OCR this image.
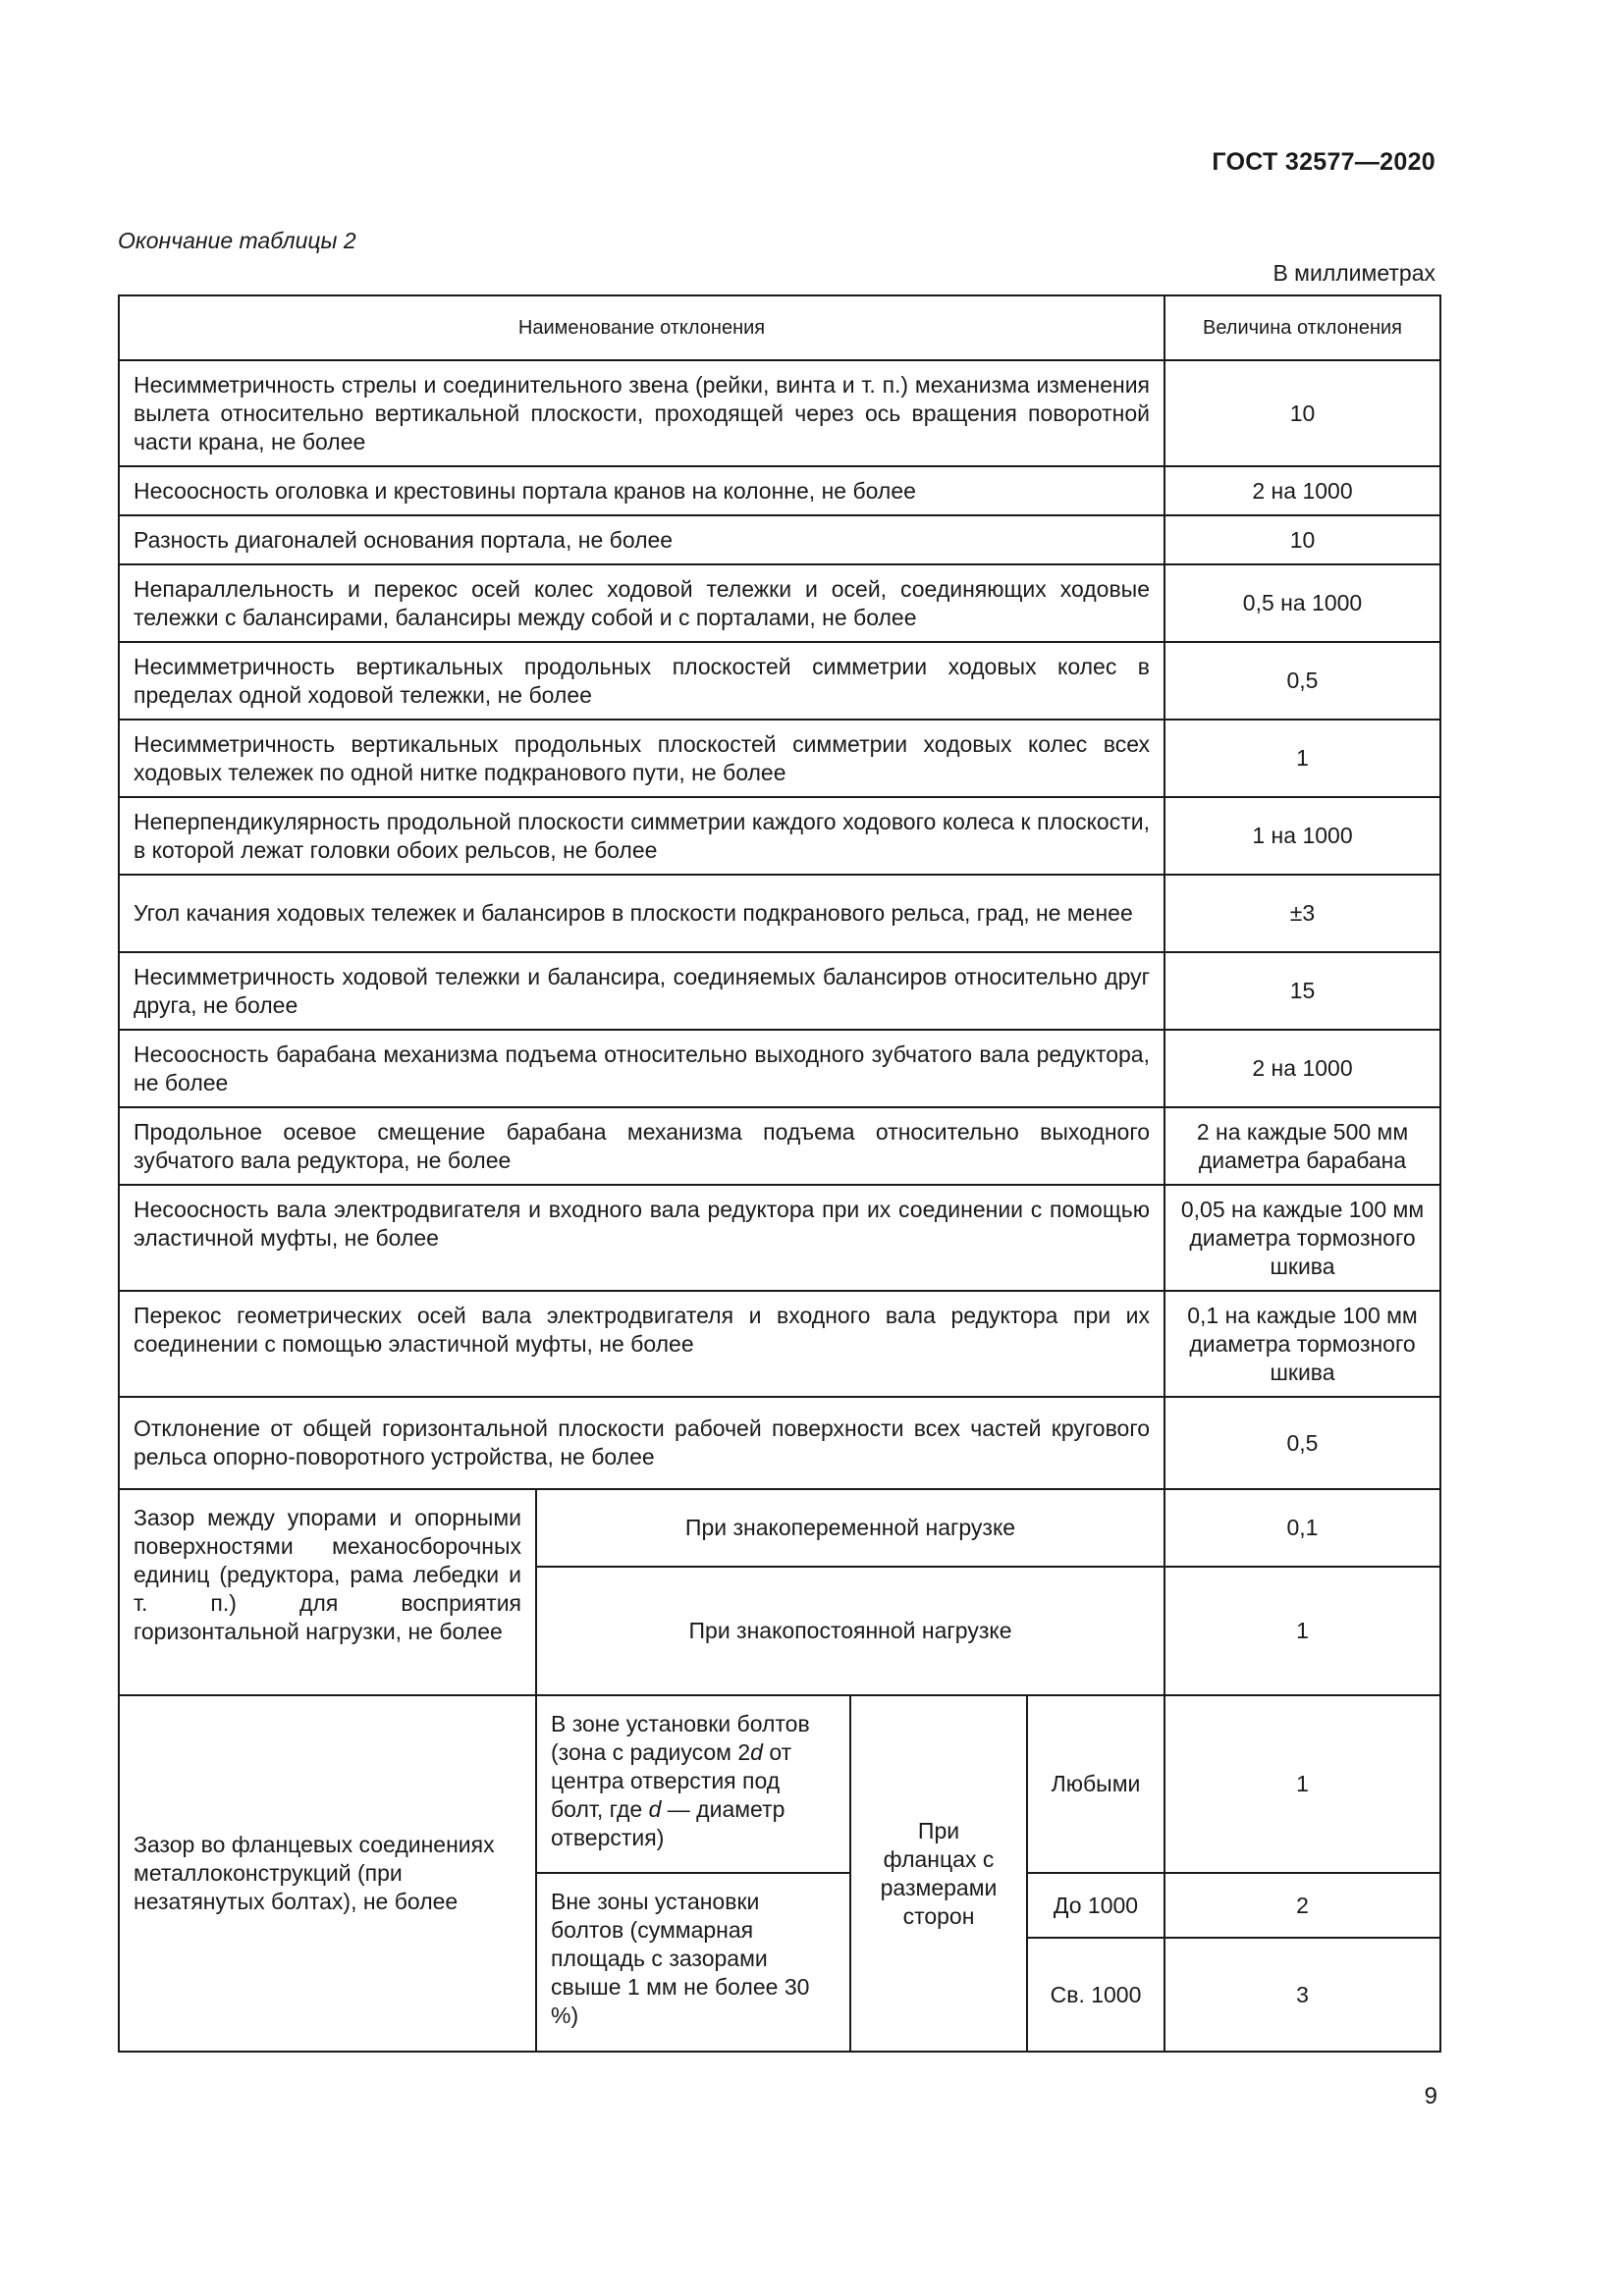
ГОСТ 32577—2020
Окончание таблицы 2
В миллиметрах
Наименование отклонения				Величина отклонения
Несимметричность стрелы и соединительного звена (рейки, винта и т. п.) механизма изменения вылета относительно вертикальной плоскости, проходящей через ось вращения поворотной части крана, не более				10
Несоосность оголовка и крестовины портала кранов на колонне, не более				2 на 1000
Разность диагоналей основания портала, не более				10
Непараллельность и перекос осей колес ходовой тележки и осей, соединяющих ходовые тележки с балансирами, балансиры между собой и с порталами, не более				0,5 на 1000
Несимметричность вертикальных продольных плоскостей симметрии ходовых колес в пределах одной ходовой тележки, не более				0,5
Несимметричность вертикальных продольных плоскостей симметрии ходовых колес всех ходовых тележек по одной нитке подкранового пути, не более				1
Неперпендикулярность продольной плоскости симметрии каждого ходового колеса к плоскости, в которой лежат головки обоих рельсов, не более				1 на 1000
Угол качания ходовых тележек и балансиров в плоскости подкранового рельса, град, не менее				±3
Несимметричность ходовой тележки и балансира, соединяемых балансиров относительно друг друга, не более				15
Несоосность барабана механизма подъема относительно выходного зубчатого вала редуктора, не более				2 на 1000
Продольное осевое смещение барабана механизма подъема относительно выходного зубчатого вала редуктора, не более				2 на каждые 500 мм диаметра барабана
Несоосность вала электродвигателя и входного вала редуктора при их соединении с помощью эластичной муфты, не более				0,05 на каждые 100 мм диаметра тормозного шкива
Перекос геометрических осей вала электродвигателя и входного вала редуктора при их соединении с помощью эластичной муфты, не более				0,1 на каждые 100 мм диаметра тормозного шкива
Отклонение от общей горизонтальной плоскости рабочей поверхности всех частей кругового рельса опорно-поворотного устройства, не более				0,5
Зазор между упорами и опорными поверхностями механосборочных единиц (редуктора, рама лебедки и т. п.) для восприятия горизонтальной нагрузки, не более	При знакопеременной нагрузке			0,1
	При знакопостоянной нагрузке			1
Зазор во фланцевых соединениях металлоконструкций (при незатянутых болтах), не более	В зоне установки болтов (зона с радиусом 2d от центра отверстия под болт, где d — диаметр отверстия)	При фланцах с размерами сторон	Любыми	1
	Вне зоны установки болтов (суммарная площадь с зазорами свыше 1 мм не более 30 %)		До 1000	2
			Св. 1000	3
9
